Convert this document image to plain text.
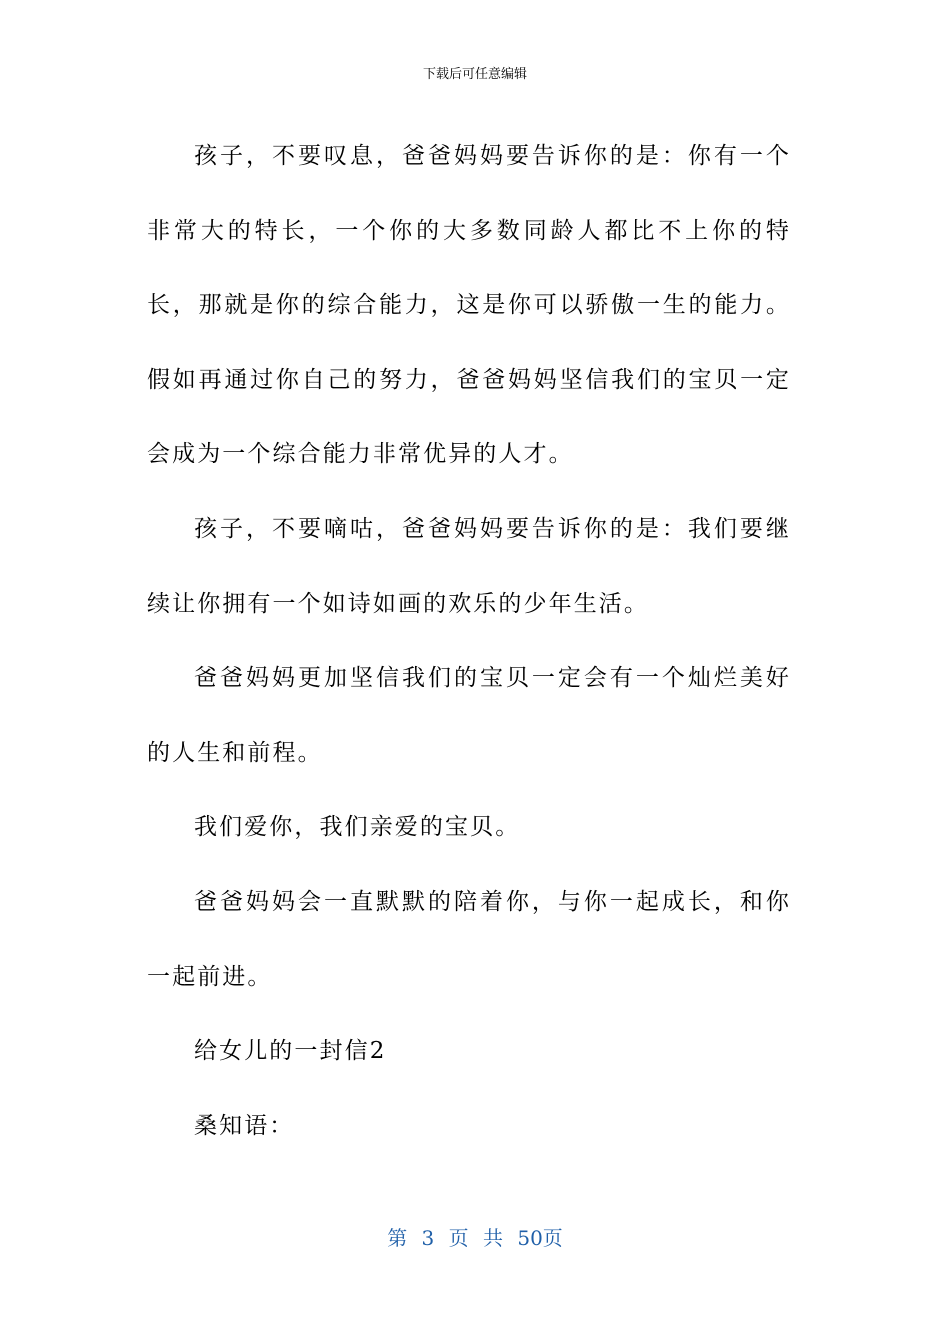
下载后可任意编辑

孩子，不要叹息，爸爸妈妈要告诉你的是：你有一个非常大的特长，一个你的大多数同龄人都比不上你的特长，那就是你的综合能力，这是你可以骄傲一生的能力。假如再通过你自己的努力，爸爸妈妈坚信我们的宝贝一定会成为一个综合能力非常优异的人才。

孩子，不要嘀咕，爸爸妈妈要告诉你的是：我们要继续让你拥有一个如诗如画的欢乐的少年生活。

爸爸妈妈更加坚信我们的宝贝一定会有一个灿烂美好的人生和前程。

我们爱你，我们亲爱的宝贝。

爸爸妈妈会一直默默的陪着你，与你一起成长，和你一起前进。

给女儿的一封信2

桑知语：

第 3 页 共 50页
